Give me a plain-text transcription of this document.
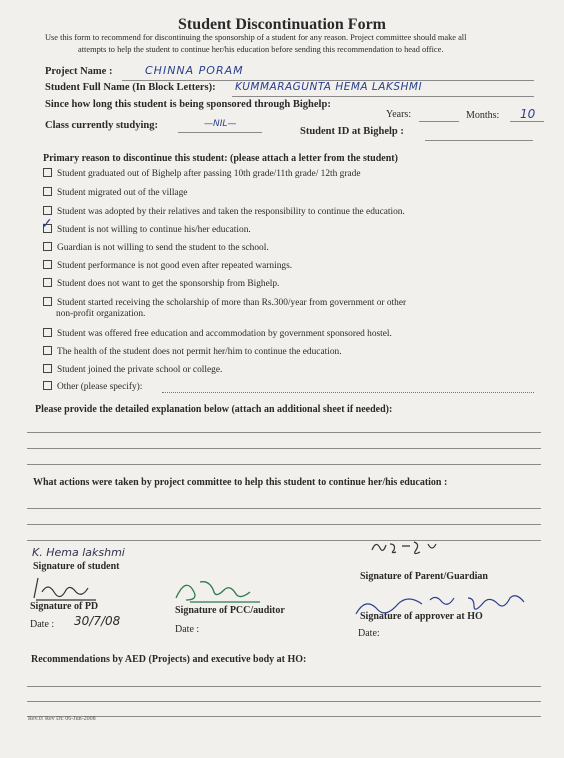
Student Discontinuation Form
Use this form to recommend for discontinuing the sponsorship of a student for any reason. Project committee should make all
attempts to help the student to continue her/his education before sending this recommendation to head office.
Project Name :	CHINNA PORAM
Student Full Name (In Block Letters): KUMMARAGUNTA HEMA LAKSHMI
Since how long this student is being sponsored through Bighelp:
Years:	Months: 10
Class currently studying:	—NIL—
Student ID at Bighelp :
Primary reason to discontinue this student: (please attach a letter from the student)
Student graduated out of Bighelp after passing 10th grade/11th grade/ 12th grade
Student migrated out of the village
Student was adopted by their relatives and taken the responsibility to continue the education.
Student is not willing to continue his/her education.
✓
Guardian is not willing to send the student to the school.
Student performance is not good even after repeated warnings.
Student does not want to get the sponsorship from Bighelp.
Student started receiving the scholarship of more than Rs.300/year from government or other
non-profit organization.
Student was offered free education and accommodation by government sponsored hostel.
The health of the student does not permit her/him to continue the education.
Student joined the private school or college.
Other (please specify):
Please provide the detailed explanation below (attach an additional sheet if needed):
What actions were taken by project committee to help this student to continue her/his education :
K. Hema lakshmi
Signature of student
Signature of Parent/Guardian
Signature of PD
Date : 30/7/08
Signature of PCC/auditor
Date :
Signature of approver at HO
Date:
Recommendations by AED (Projects) and executive body at HO:
Rev.0: Rev Dt: 06-Jun-2008
